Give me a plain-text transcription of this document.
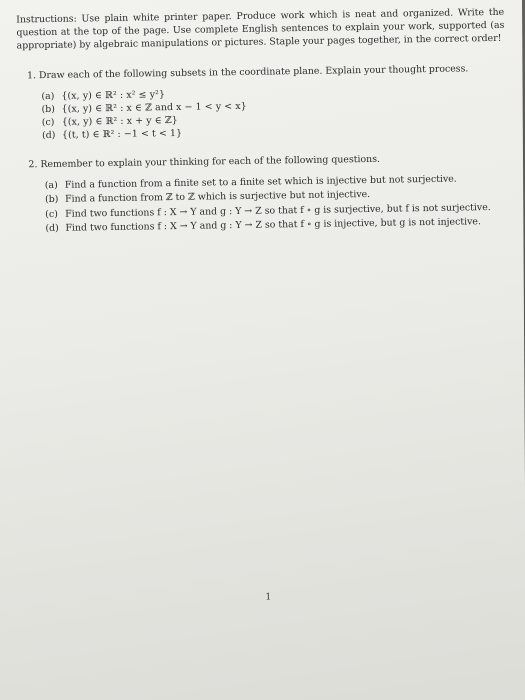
Instructions: Use plain white printer paper. Produce work which is neat and organized. Write the question at the top of the page. Use complete English sentences to explain your work, supported (as appropriate) by algebraic manipulations or pictures. Staple your pages together, in the correct order!

1. Draw each of the following subsets in the coordinate plane. Explain your thought process.

(a) {(x, y) ∈ ℝ² : x² ≤ y²}
(b) {(x, y) ∈ ℝ² : x ∈ ℤ and x − 1 < y < x}
(c) {(x, y) ∈ ℝ² : x + y ∈ ℤ}
(d) {(t, t) ∈ ℝ² : −1 < t < 1}

2. Remember to explain your thinking for each of the following questions.

(a) Find a function from a finite set to a finite set which is injective but not surjective.
(b) Find a function from ℤ to ℤ which is surjective but not injective.
(c) Find two functions f : X → Y and g : Y → Z so that f ∘ g is surjective, but f is not surjective.
(d) Find two functions f : X → Y and g : Y → Z so that f ∘ g is injective, but g is not injective.
1
